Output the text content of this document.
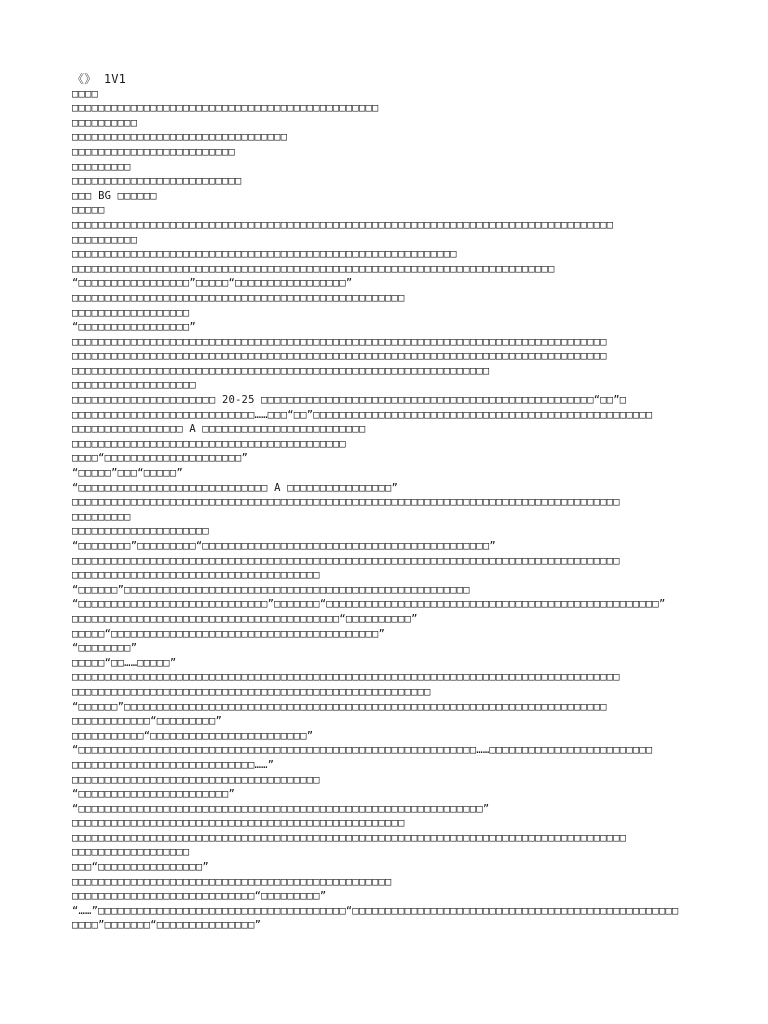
《》 1V1
□□□□
□□□□□□□□□□□□□□□□□□□□□□□□□□□□□□□□□□□□□□□□□□□□□□□
□□□□□□□□□□
□□□□□□□□□□□□□□□□□□□□□□□□□□□□□□□□□
□□□□□□□□□□□□□□□□□□□□□□□□□
□□□□□□□□□
□□□□□□□□□□□□□□□□□□□□□□□□□□
□□□ BG □□□□□□
□□□□□
□□□□□□□□□□□□□□□□□□□□□□□□□□□□□□□□□□□□□□□□□□□□□□□□□□□□□□□□□□□□□□□□□□□□□□□□□□□□□□□□□□□
□□□□□□□□□□
□□□□□□□□□□□□□□□□□□□□□□□□□□□□□□□□□□□□□□□□□□□□□□□□□□□□□□□□□□□
□□□□□□□□□□□□□□□□□□□□□□□□□□□□□□□□□□□□□□□□□□□□□□□□□□□□□□□□□□□□□□□□□□□□□□□□□□
“□□□□□□□□□□□□□□□□□”□□□□□“□□□□□□□□□□□□□□□□□”
□□□□□□□□□□□□□□□□□□□□□□□□□□□□□□□□□□□□□□□□□□□□□□□□□□□
□□□□□□□□□□□□□□□□□□
“□□□□□□□□□□□□□□□□□”
□□□□□□□□□□□□□□□□□□□□□□□□□□□□□□□□□□□□□□□□□□□□□□□□□□□□□□□□□□□□□□□□□□□□□□□□□□□□□□□□□□
□□□□□□□□□□□□□□□□□□□□□□□□□□□□□□□□□□□□□□□□□□□□□□□□□□□□□□□□□□□□□□□□□□□□□□□□□□□□□□□□□□
□□□□□□□□□□□□□□□□□□□□□□□□□□□□□□□□□□□□□□□□□□□□□□□□□□□□□□□□□□□□□□□□
□□□□□□□□□□□□□□□□□□□
□□□□□□□□□□□□□□□□□□□□□□ 20-25 □□□□□□□□□□□□□□□□□□□□□□□□□□□□□□□□□□□□□□□□□□□□□□□□□□□“□□”□
□□□□□□□□□□□□□□□□□□□□□□□□□□□□……□□□“□□”□□□□□□□□□□□□□□□□□□□□□□□□□□□□□□□□□□□□□□□□□□□□□□□□□□□□
□□□□□□□□□□□□□□□□□ A □□□□□□□□□□□□□□□□□□□□□□□□□
□□□□□□□□□□□□□□□□□□□□□□□□□□□□□□□□□□□□□□□□□□
□□□□“□□□□□□□□□□□□□□□□□□□□□”
“□□□□□”□□□“□□□□□”
“□□□□□□□□□□□□□□□□□□□□□□□□□□□□□ A □□□□□□□□□□□□□□□□”
□□□□□□□□□□□□□□□□□□□□□□□□□□□□□□□□□□□□□□□□□□□□□□□□□□□□□□□□□□□□□□□□□□□□□□□□□□□□□□□□□□□□
□□□□□□□□□
□□□□□□□□□□□□□□□□□□□□□
“□□□□□□□□”□□□□□□□□□“□□□□□□□□□□□□□□□□□□□□□□□□□□□□□□□□□□□□□□□□□□□□”
□□□□□□□□□□□□□□□□□□□□□□□□□□□□□□□□□□□□□□□□□□□□□□□□□□□□□□□□□□□□□□□□□□□□□□□□□□□□□□□□□□□□
□□□□□□□□□□□□□□□□□□□□□□□□□□□□□□□□□□□□□□
“□□□□□□”□□□□□□□□□□□□□□□□□□□□□□□□□□□□□□□□□□□□□□□□□□□□□□□□□□□□□
“□□□□□□□□□□□□□□□□□□□□□□□□□□□□□”□□□□□□□“□□□□□□□□□□□□□□□□□□□□□□□□□□□□□□□□□□□□□□□□□□□□□□□□□□□”
□□□□□□□□□□□□□□□□□□□□□□□□□□□□□□□□□□□□□□□□□“□□□□□□□□□□”
□□□□□“□□□□□□□□□□□□□□□□□□□□□□□□□□□□□□□□□□□□□□□□□”
“□□□□□□□□”
□□□□□“□□……□□□□□”
□□□□□□□□□□□□□□□□□□□□□□□□□□□□□□□□□□□□□□□□□□□□□□□□□□□□□□□□□□□□□□□□□□□□□□□□□□□□□□□□□□□□
□□□□□□□□□□□□□□□□□□□□□□□□□□□□□□□□□□□□□□□□□□□□□□□□□□□□□□□
“□□□□□□”□□□□□□□□□□□□□□□□□□□□□□□□□□□□□□□□□□□□□□□□□□□□□□□□□□□□□□□□□□□□□□□□□□□□□□□□□□
□□□□□□□□□□□□“□□□□□□□□□”
□□□□□□□□□□□“□□□□□□□□□□□□□□□□□□□□□□□□”
“□□□□□□□□□□□□□□□□□□□□□□□□□□□□□□□□□□□□□□□□□□□□□□□□□□□□□□□□□□□□□……□□□□□□□□□□□□□□□□□□□□□□□□□
□□□□□□□□□□□□□□□□□□□□□□□□□□□□……”
□□□□□□□□□□□□□□□□□□□□□□□□□□□□□□□□□□□□□□
“□□□□□□□□□□□□□□□□□□□□□□□”
“□□□□□□□□□□□□□□□□□□□□□□□□□□□□□□□□□□□□□□□□□□□□□□□□□□□□□□□□□□□□□□”
□□□□□□□□□□□□□□□□□□□□□□□□□□□□□□□□□□□□□□□□□□□□□□□□□□□
□□□□□□□□□□□□□□□□□□□□□□□□□□□□□□□□□□□□□□□□□□□□□□□□□□□□□□□□□□□□□□□□□□□□□□□□□□□□□□□□□□□□□
□□□□□□□□□□□□□□□□□□
□□□“□□□□□□□□□□□□□□□□”
□□□□□□□□□□□□□□□□□□□□□□□□□□□□□□□□□□□□□□□□□□□□□□□□□
□□□□□□□□□□□□□□□□□□□□□□□□□□□□“□□□□□□□□□”
“……”□□□□□□□□□□□□□□□□□□□□□□□□□□□□□□□□□□□□□□“□□□□□□□□□□□□□□□□□□□□□□□□□□□□□□□□□□□□□□□□□□□□□□□□□□
□□□□”□□□□□□□“□□□□□□□□□□□□□□□”
